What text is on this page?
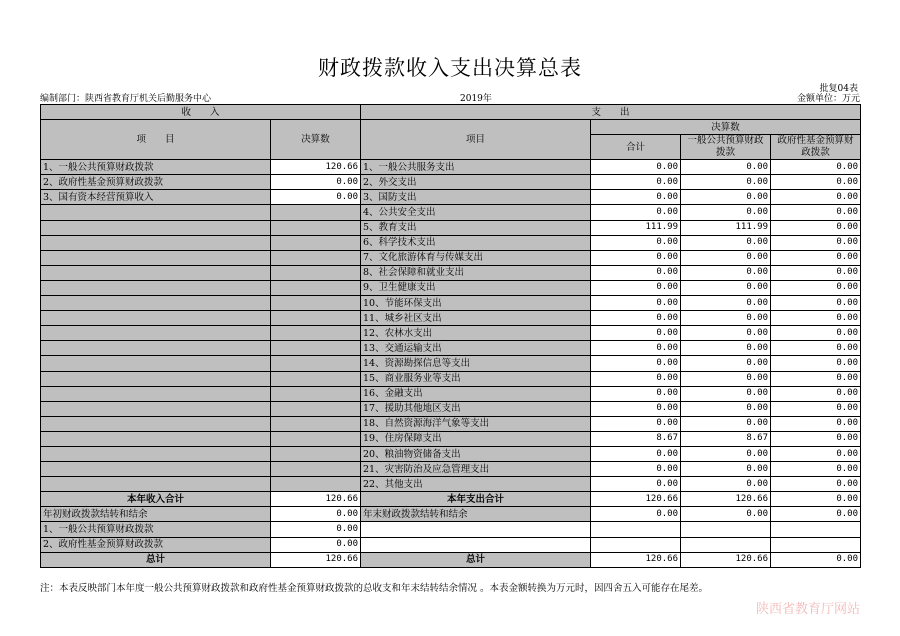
财政拨款收入支出决算总表
批复04表
编制部门：陕西省教育厅机关后勤服务中心	2019年	金额单位：万元
收　　入		支　　出			
项　　目	决算数	项目	决算数		
			合计	一般公共预算财政拨款	政府性基金预算财政拨款

1、一般公共预算财政拨款	120.66	1、一般公共服务支出	0.00	0.00	0.00
2、政府性基金预算财政拨款	0.00	2、外交支出	0.00	0.00	0.00
3、国有资本经营预算收入	0.00	3、国防支出	0.00	0.00	0.00
		4、公共安全支出	0.00	0.00	0.00
		5、教育支出	111.99	111.99	0.00
		6、科学技术支出	0.00	0.00	0.00
		7、文化旅游体育与传媒支出	0.00	0.00	0.00
		8、社会保障和就业支出	0.00	0.00	0.00
		9、卫生健康支出	0.00	0.00	0.00
		10、节能环保支出	0.00	0.00	0.00
		11、城乡社区支出	0.00	0.00	0.00
		12、农林水支出	0.00	0.00	0.00
		13、交通运输支出	0.00	0.00	0.00
		14、资源勘探信息等支出	0.00	0.00	0.00
		15、商业服务业等支出	0.00	0.00	0.00
		16、金融支出	0.00	0.00	0.00
		17、援助其他地区支出	0.00	0.00	0.00
		18、自然资源海洋气象等支出	0.00	0.00	0.00
		19、住房保障支出	8.67	8.67	0.00
		20、粮油物资储备支出	0.00	0.00	0.00
		21、灾害防治及应急管理支出	0.00	0.00	0.00
		22、其他支出	0.00	0.00	0.00
本年收入合计	120.66	本年支出合计	120.66	120.66	0.00
年初财政拨款结转和结余	0.00	年末财政拨款结转和结余	0.00	0.00	0.00
1、一般公共预算财政拨款	0.00				
2、政府性基金预算财政拨款	0.00				
总计	120.66	总计	120.66	120.66	0.00
注：本表反映部门本年度一般公共预算财政拨款和政府性基金预算财政拨款的总收支和年末结转结余情况 。本表金额转换为万元时，因四舍五入可能存在尾差。
陕西省教育厅网站
